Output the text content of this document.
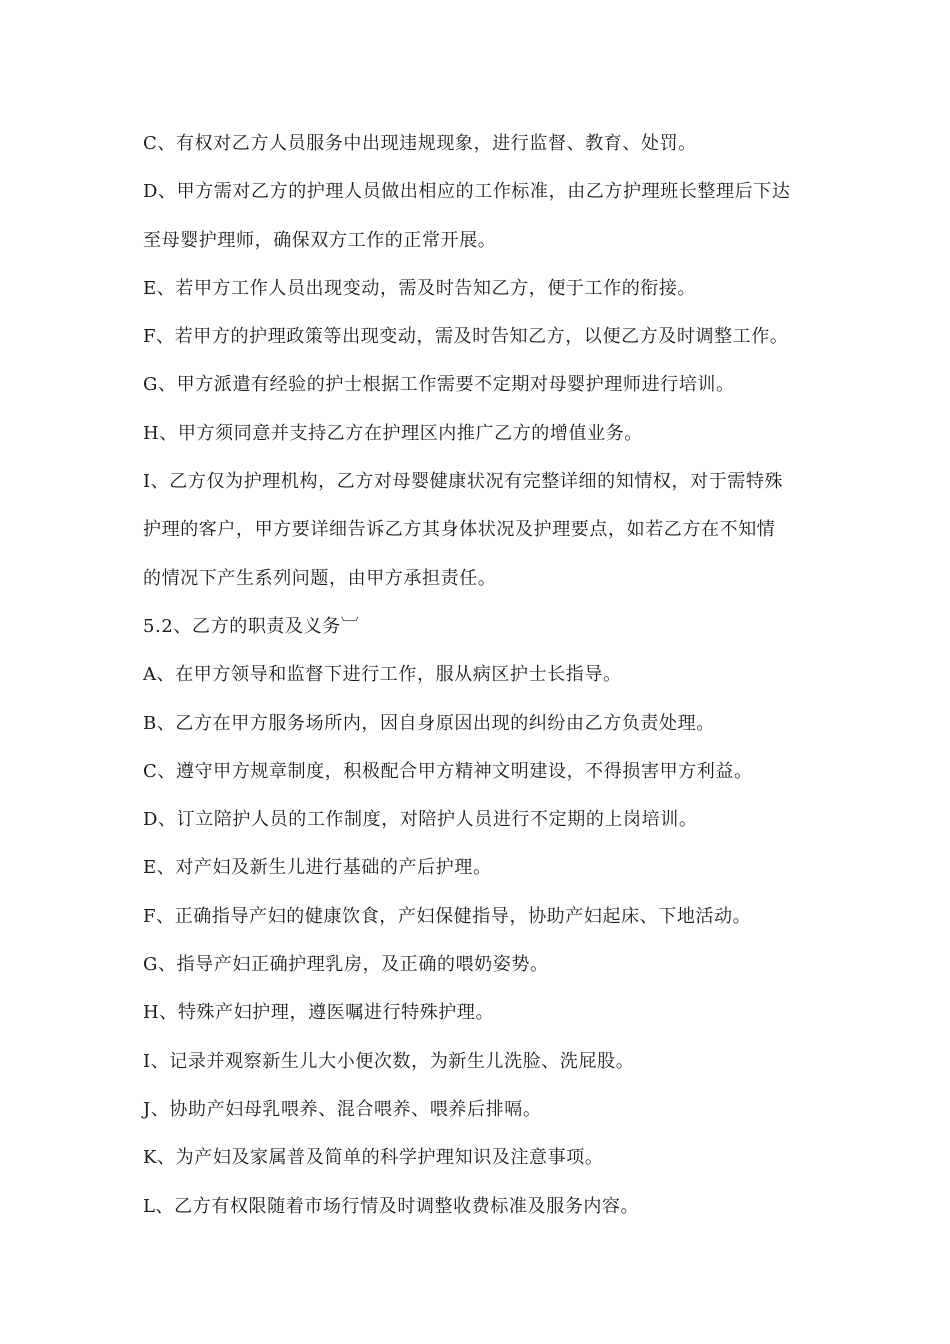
C、有权对乙方人员服务中出现违规现象，进行监督、教育、处罚。
D、甲方需对乙方的护理人员做出相应的工作标准，由乙方护理班长整理后下达
至母婴护理师，确保双方工作的正常开展。
E、若甲方工作人员出现变动，需及时告知乙方，便于工作的衔接。
F、若甲方的护理政策等出现变动，需及时告知乙方，以便乙方及时调整工作。
G、甲方派遣有经验的护士根据工作需要不定期对母婴护理师进行培训。
H、甲方须同意并支持乙方在护理区内推广乙方的增值业务。
I、乙方仅为护理机构，乙方对母婴健康状况有完整详细的知情权，对于需特殊
护理的客户，甲方要详细告诉乙方其身体状况及护理要点，如若乙方在不知情
的情况下产生系列问题，由甲方承担责任。
5.2、乙方的职责及义务︺
A、在甲方领导和监督下进行工作，服从病区护士长指导。
B、乙方在甲方服务场所内，因自身原因出现的纠纷由乙方负责处理。
C、遵守甲方规章制度，积极配合甲方精神文明建设，不得损害甲方利益。
D、订立陪护人员的工作制度，对陪护人员进行不定期的上岗培训。
E、对产妇及新生儿进行基础的产后护理。
F、正确指导产妇的健康饮食，产妇保健指导，协助产妇起床、下地活动。
G、指导产妇正确护理乳房，及正确的喂奶姿势。
H、特殊产妇护理，遵医嘱进行特殊护理。
I、记录并观察新生儿大小便次数，为新生儿洗脸、洗屁股。
J、协助产妇母乳喂养、混合喂养、喂养后排嗝。
K、为产妇及家属普及简单的科学护理知识及注意事项。
L、乙方有权限随着市场行情及时调整收费标准及服务内容。
